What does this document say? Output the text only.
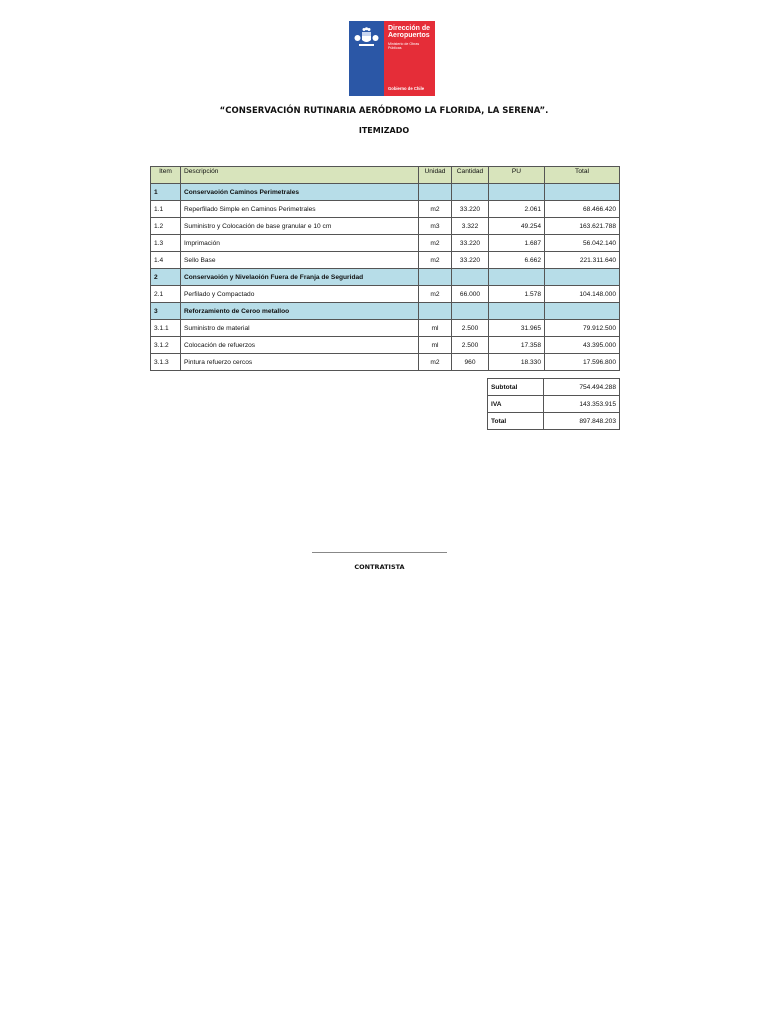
Dirección de
Aeropuertos
Ministerio de Obras
Públicas
Gobierno de Chile
“CONSERVACIÓN RUTINARIA AERÓDROMO LA FLORIDA, LA SERENA”.
ITEMIZADO
Item	Descripción	Unidad	Cantidad	PU	Total
1	Conservaoión Caminos Perimetrales				
1.1	Reperfilado Simple en Caminos Perimetrales	m2	33.220	2.061	68.466.420
1.2	Suministro y Colocación de base granular e 10 cm	m3	3.322	49.254	163.621.788
1.3	Imprimación	m2	33.220	1.687	56.042.140
1.4	Sello Base	m2	33.220	6.662	221.311.640
2	Conservaoión y Nivelaoión Fuera de Franja de Seguridad				
2.1	Perfilado y Compactado	m2	66.000	1.578	104.148.000
3	Reforzamiento de Ceroo metalloo				
3.1.1	Suministro de material	ml	2.500	31.965	79.912.500
3.1.2	Colocación de refuerzos	ml	2.500	17.358	43.395.000
3.1.3	Pintura refuerzo cercos	m2	960	18.330	17.596.800
Subtotal	754.494.288
IVA	143.353.915
Total	897.848.203
CONTRATISTA
